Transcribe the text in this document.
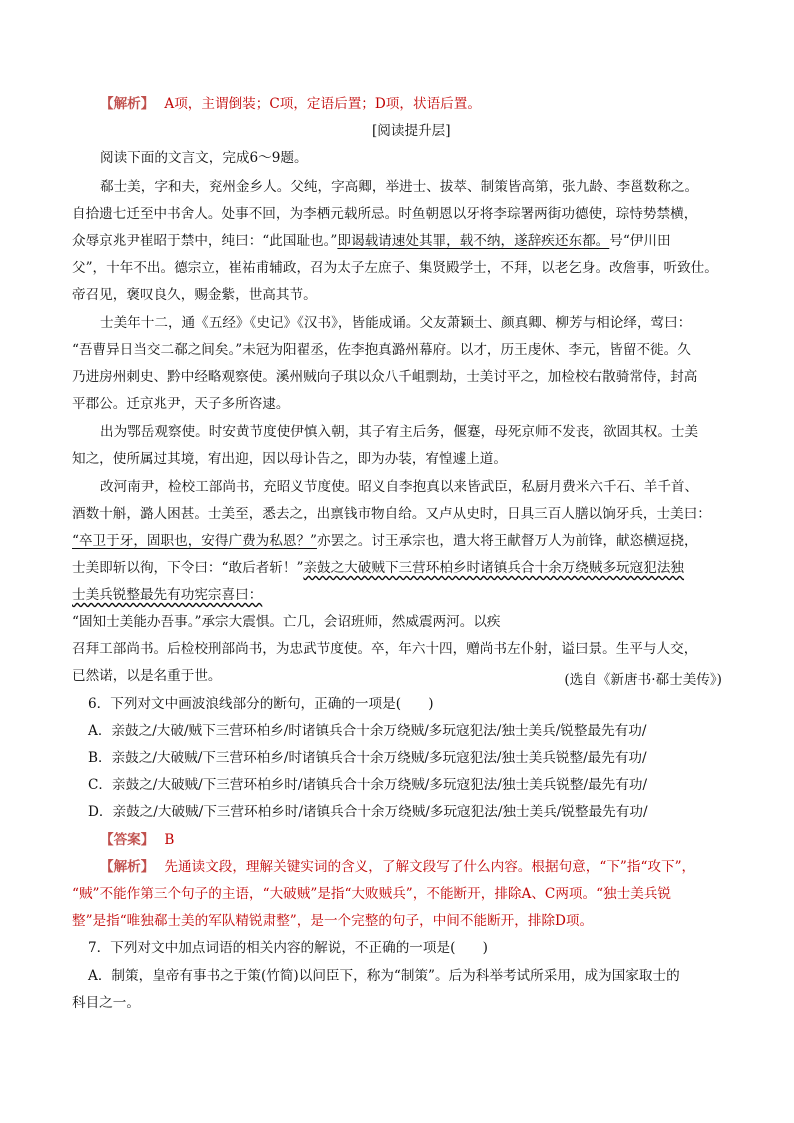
【解析】 A项，主谓倒装；C项，定语后置；D项，状语后置。
[阅读提升层]
阅读下面的文言文，完成6～9题。
郗士美，字和夫，兖州金乡人。父纯，字高卿，举进士、拔萃、制策皆高第，张九龄、李邕数称之。
自拾遗七迁至中书舍人。处事不回，为李栖元载所忌。时鱼朝恩以牙将李琮署两街功德使，琮恃势禁横，
众辱京兆尹崔昭于禁中，纯曰：“此国耻也。”即谒载请速处其罪，载不纳，遂辞疾还东都。号“伊川田
父”，十年不出。德宗立，崔祐甫辅政，召为太子左庶子、集贤殿学士，不拜，以老乞身。改詹事，听致仕。
帝召见，褒叹良久，赐金紫，世高其节。
士美年十二，通《五经》《史记》《汉书》，皆能成诵。父友萧颖士、颜真卿、柳芳与相论绎，莺曰：
“吾曹异日当交二郗之间矣。”未冠为阳翟丞，佐李抱真潞州幕府。以才，历王虔休、李元，皆留不徙。久
乃进房州刺史、黔中经略观察使。溪州贼向子琪以众八千岨剽劫，士美讨平之，加检校右散骑常侍，封高
平郡公。迁京兆尹，天子多所咨逮。
出为鄂岳观察使。时安黄节度使伊慎入朝，其子宥主后务，偃蹇，母死京师不发丧，欲固其权。士美
知之，使所属过其境，宥出迎，因以母讣告之，即为办装，宥惶遽上道。
改河南尹，检校工部尚书，充昭义节度使。昭义自李抱真以来皆武臣，私厨月费米六千石、羊千首、
酒数十斛，潞人困甚。士美至，悉去之，出禀钱市物自给。又卢从史时，日具三百人膳以饷牙兵，士美曰：
“卒卫于牙，固职也，安得广费为私恩？”亦罢之。讨王承宗也，遣大将王献督万人为前锋，献恣横逗挠，
士美即斩以徇，下令曰：“敢后者斩！”亲鼓之大破贼下三营环柏乡时诸镇兵合十余万绕贼多玩寇犯法独
士美兵锐整最先有功宪宗喜曰：
“固知士美能办吾事。”承宗大震惧。亡几，会诏班师，然威震两河。以疾
召拜工部尚书。后检校刑部尚书，为忠武节度使。卒，年六十四，赠尚书左仆射，谥曰景。生平与人交，
已然诺，以是名重于世。	(选自《新唐书·郗士美传》)
6．下列对文中画波浪线部分的断句，正确的一项是(　　)
A．亲鼓之/大破/贼下三营环柏乡/时诸镇兵合十余万绕贼/多玩寇犯法/独士美兵/锐整最先有功/
B．亲鼓之/大破贼/下三营环柏乡/时诸镇兵合十余万绕贼/多玩寇犯法/独士美兵锐整/最先有功/
C．亲鼓之/大破贼/下三营环柏乡时/诸镇兵合十余万绕贼/多玩寇犯法/独士美兵锐整/最先有功/
D．亲鼓之/大破贼/下三营环柏乡时/诸镇兵合十余万绕贼/多玩寇犯法/独士美兵/锐整最先有功/
【答案】 B
【解析】 先通读文段，理解关键实词的含义，了解文段写了什么内容。根据句意，“下”指“攻下”，
“贼”不能作第三个句子的主语，“大破贼”是指“大败贼兵”，不能断开，排除A、C两项。“独士美兵锐
整”是指“唯独郗士美的军队精锐肃整”，是一个完整的句子，中间不能断开，排除D项。
7．下列对文中加点词语的相关内容的解说，不正确的一项是(　　)
A．制策，皇帝有事书之于策(竹简)以问臣下，称为“制策”。后为科举考试所采用，成为国家取士的
科目之一。
